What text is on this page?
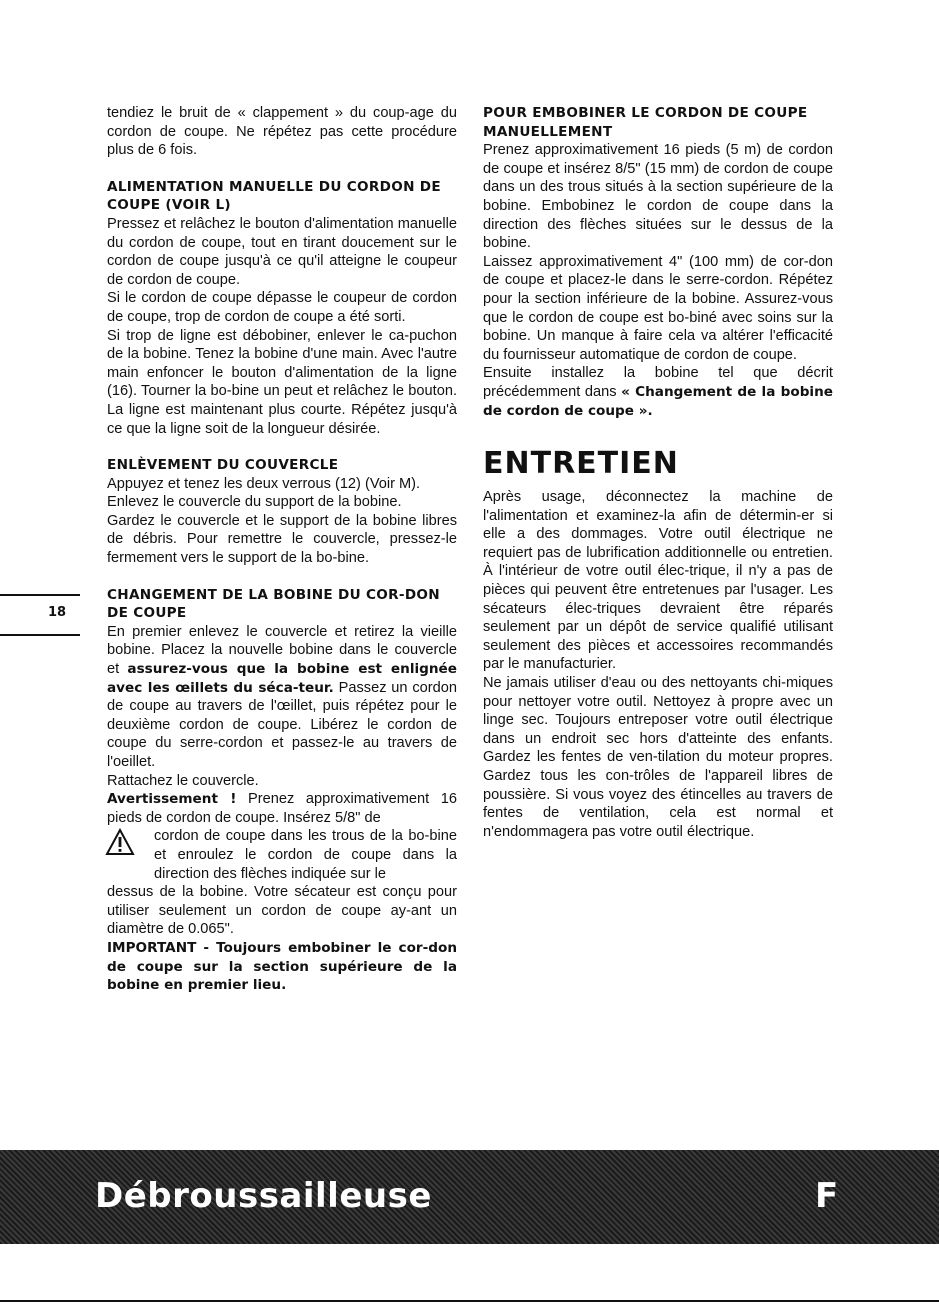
18

tendiez le bruit de « clappement » du coup-age du cordon de coupe. Ne répétez pas cette procédure plus de 6 fois.

ALIMENTATION MANUELLE DU CORDON DE COUPE (VOIR L)

Pressez et relâchez le bouton d'alimentation manuelle du cordon de coupe, tout en tirant doucement sur le cordon de coupe jusqu'à ce qu'il atteigne le coupeur de cordon de coupe.

Si le cordon de coupe dépasse le coupeur de cordon de coupe, trop de cordon de coupe a été sorti.

Si trop de ligne est débobiner, enlever le ca-puchon de la bobine. Tenez la bobine d'une main. Avec l'autre main enfoncer le bouton d'alimentation de la ligne (16). Tourner la bo-bine un peut et relâchez le bouton. La ligne est maintenant plus courte. Répétez jusqu'à ce que la ligne soit de la longueur désirée.

ENLÈVEMENT DU COUVERCLE

Appuyez et tenez les deux verrous (12) (Voir M).

Enlevez le couvercle du support de la bobine.

Gardez le couvercle et le support de la bobine libres de débris. Pour remettre le couvercle, pressez-le fermement vers le support de la bo-bine.

CHANGEMENT DE LA BOBINE DU COR-DON DE COUPE

En premier enlevez le couvercle et retirez la vieille bobine. Placez la nouvelle bobine dans le couvercle et assurez-vous que la bobine est enlignée avec les œillets du séca-teur. Passez un cordon de coupe au travers de l'œillet, puis répétez pour le deuxième cordon de coupe. Libérez le cordon de coupe du serre-cordon et passez-le au travers de l'oeillet.

Rattachez le couvercle.

Avertissement ! Prenez approximativement 16 pieds de cordon de coupe. Insérez 5/8" de

cordon de coupe dans les trous de la bo-bine et enroulez le cordon de coupe dans la direction des flèches indiquée sur le

dessus de la bobine. Votre sécateur est conçu pour utiliser seulement un cordon de coupe ay-ant un diamètre de 0.065".

IMPORTANT - Toujours embobiner le cor-don de coupe sur la section supérieure de la bobine en premier lieu.

POUR EMBOBINER LE CORDON DE COUPE MANUELLEMENT

Prenez approximativement 16 pieds (5 m) de cordon de coupe et insérez 8/5" (15 mm) de cordon de coupe dans un des trous situés à la section supérieure de la bobine. Embobinez le cordon de coupe dans la direction des flèches situées sur le dessus de la bobine.

Laissez approximativement 4" (100 mm) de cor-don de coupe et placez-le dans le serre-cordon. Répétez pour la section inférieure de la bobine. Assurez-vous que le cordon de coupe est bo-biné avec soins sur la bobine. Un manque à faire cela va altérer l'efficacité du fournisseur automatique de cordon de coupe.

Ensuite installez la bobine tel que décrit précédemment dans « Changement de la bobine de cordon de coupe ».

ENTRETIEN

Après usage, déconnectez la machine de l'alimentation et examinez-la afin de détermin-er si elle a des dommages. Votre outil électrique ne requiert pas de lubrification additionnelle ou entretien. À l'intérieur de votre outil élec-trique, il n'y a pas de pièces qui peuvent être entretenues par l'usager. Les sécateurs élec-triques devraient être réparés seulement par un dépôt de service qualifié utilisant seulement des pièces et accessoires recommandés par le manufacturier.

Ne jamais utiliser d'eau ou des nettoyants chi-miques pour nettoyer votre outil. Nettoyez à propre avec un linge sec. Toujours entreposer votre outil électrique dans un endroit sec hors d'atteinte des enfants. Gardez les fentes de ven-tilation du moteur propres. Gardez tous les con-trôles de l'appareil libres de poussière. Si vous voyez des étincelles au travers de fentes de ventilation, cela est normal et n'endommagera pas votre outil électrique.

Débroussailleuse	F
